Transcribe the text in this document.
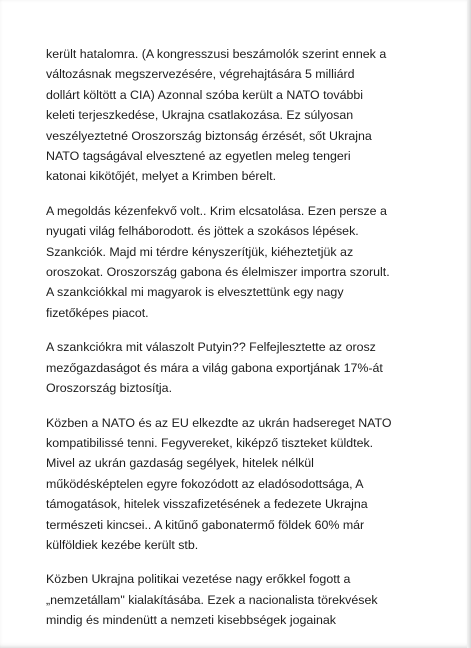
került hatalomra. (A kongresszusi beszámolók szerint ennek a
változásnak megszervezésére, végrehajtására 5 milliárd
dollárt költött a CIA) Azonnal szóba került a NATO további
keleti terjeszkedése, Ukrajna csatlakozása. Ez súlyosan
veszélyeztetné Oroszország biztonság érzését, sőt Ukrajna
NATO tagságával elvesztené az egyetlen meleg tengeri
katonai kikötőjét, melyet a Krimben bérelt.

A megoldás kézenfekvő volt.. Krim elcsatolása. Ezen persze a
nyugati világ felháborodott. és jöttek a szokásos lépések.
Szankciók. Majd mi térdre kényszerítjük, kiéheztetjük az
oroszokat. Oroszország gabona és élelmiszer importra szorult.
A szankciókkal mi magyarok is elvesztettünk egy nagy
fizetőképes piacot.

A szankciókra mit válaszolt Putyin?? Felfejlesztette az orosz
mezőgazdaságot és mára a világ gabona exportjának 17%-át
Oroszország biztosítja.

Közben a NATO és az EU elkezdte az ukrán hadsereget NATO
kompatibilissé tenni. Fegyvereket, kiképző tiszteket küldtek.
Mivel az ukrán gazdaság segélyek, hitelek nélkül
működésképtelen egyre fokozódott az eladósodottsága, A
támogatások, hitelek visszafizetésének a fedezete Ukrajna
természeti kincsei.. A kitűnő gabonatermő földek 60% már
külföldiek kezébe került stb.

Közben Ukrajna politikai vezetése nagy erőkkel fogott a
„nemzetállam" kialakításába. Ezek a nacionalista törekvések
mindig és mindenütt a nemzeti kisebbségek jogainak
